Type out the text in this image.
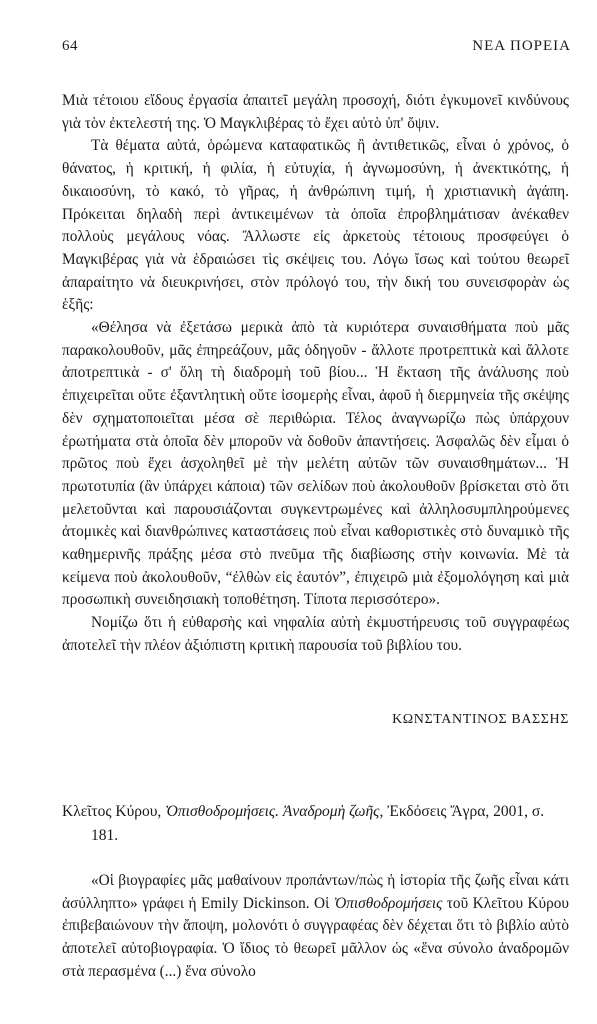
64	ΝΕΑ ΠΟΡΕΙΑ

Μιὰ τέτοιου εἴδους ἐργασία ἀπαιτεῖ μεγάλη προσοχή, διότι ἐγκυμονεῖ κινδύνους γιὰ τὸν ἐκτελεστή της. Ὁ Μαγκλιβέρας τὸ ἔχει αὐτὸ ὑπ' ὄψιν.

Τὰ θέματα αὐτά, ὁρώμενα καταφατικῶς ἢ ἀντιθετικῶς, εἶναι ὁ χρόνος, ὁ θάνατος, ἡ κριτική, ἡ φιλία, ἡ εὐτυχία, ἡ ἀγνωμοσύνη, ἡ ἀνεκτικότης, ἡ δικαιοσύνη, τὸ κακό, τὸ γῆρας, ἡ ἀνθρώπινη τιμή, ἡ χριστιανικὴ ἀγάπη. Πρόκειται δηλαδὴ περὶ ἀντικειμένων τὰ ὁποῖα ἐπροβλημάτισαν ἀνέκαθεν πολλοὺς μεγάλους νόας. Ἄλλωστε εἰς ἀρκετοὺς τέτοιους προσφεύγει ὁ Μαγκιβέρας γιὰ νὰ ἑδραιώσει τὶς σκέψεις του. Λόγω ἴσως καὶ τούτου θεωρεῖ ἀπαραίτητο νὰ διευκρινήσει, στὸν πρόλογό του, τὴν δική του συνεισφορὰν ὡς ἑξῆς:

«Θέλησα νὰ ἐξετάσω μερικὰ ἀπὸ τὰ κυριότερα συναισθήματα ποὺ μᾶς παρακολουθοῦν, μᾶς ἐπηρεάζουν, μᾶς ὁδηγοῦν - ἄλλοτε προτρεπτικὰ καὶ ἄλλοτε ἀποτρεπτικὰ - σ' ὅλη τὴ διαδρομὴ τοῦ βίου... Ἡ ἔκταση τῆς ἀνάλυσης ποὺ ἐπιχειρεῖται οὔτε ἐξαντλητικὴ οὔτε ἰσομερὴς εἶναι, ἀφοῦ ἡ διερμηνεία τῆς σκέψης δὲν σχηματοποιεῖται μέσα σὲ περιθώρια. Τέλος ἀναγνωρίζω πὼς ὑπάρχουν ἐρωτήματα στὰ ὁποῖα δὲν μποροῦν νὰ δοθοῦν ἀπαντήσεις. Ἀσφαλῶς δὲν εἶμαι ὁ πρῶτος ποὺ ἔχει ἀσχοληθεῖ μὲ τὴν μελέτη αὐτῶν τῶν συναισθημάτων... Ἡ πρωτοτυπία (ἂν ὑπάρχει κάποια) τῶν σελίδων ποὺ ἀκολουθοῦν βρίσκεται στὸ ὅτι μελετοῦνται καὶ παρουσιάζονται συγκεντρωμένες καὶ ἀλληλοσυμπληρούμενες ἀτομικὲς καὶ διανθρώπινες καταστάσεις ποὺ εἶναι καθοριστικὲς στὸ δυναμικὸ τῆς καθημερινῆς πράξης μέσα στὸ πνεῦμα τῆς διαβίωσης στὴν κοινωνία. Μὲ τὰ κείμενα ποὺ ἀκολουθοῦν, “ἐλθὼν εἰς ἑαυτόν”, ἐπιχειρῶ μιὰ ἐξομολόγηση καὶ μιὰ προσωπικὴ συνειδησιακὴ τοποθέτηση. Τίποτα περισσότερο».

Νομίζω ὅτι ἡ εὐθαρσὴς καὶ νηφαλία αὐτὴ ἐκμυστήρευσις τοῦ συγγραφέως ἀποτελεῖ τὴν πλέον ἀξιόπιστη κριτικὴ παρουσία τοῦ βιβλίου του.

ΚΩΝΣΤΑΝΤΙΝΟΣ ΒΑΣΣΗΣ

Κλεῖτος Κύρου, Ὀπισθοδρομήσεις. Ἀναδρομὴ ζωῆς, Ἐκδόσεις Ἄγρα, 2001, σ. 181.

«Οἱ βιογραφίες μᾶς μαθαίνουν προπάντων/πὼς ἡ ἱστορία τῆς ζωῆς εἶναι κάτι ἀσύλληπτο» γράφει ἡ Emily Dickinson. Οἱ Ὀπισθοδρομήσεις τοῦ Κλεῖτου Κύρου ἐπιβεβαιώνουν τὴν ἄποψη, μολονότι ὁ συγγραφέας δὲν δέχεται ὅτι τὸ βιβλίο αὐτὸ ἀποτελεῖ αὐτοβιογραφία. Ὁ ἴδιος τὸ θεωρεῖ μᾶλλον ὡς «ἕνα σύνολο ἀναδρομῶν στὰ περασμένα (...) ἕνα σύνολο
